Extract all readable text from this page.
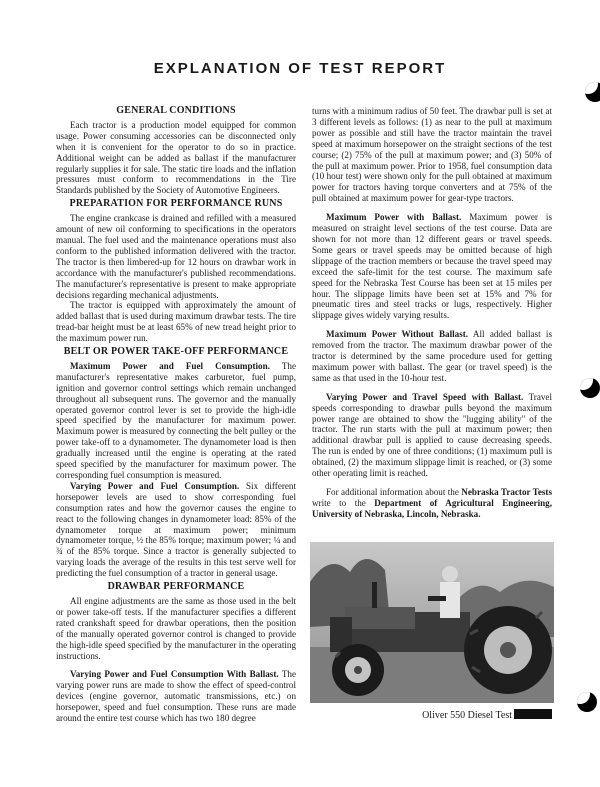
EXPLANATION OF TEST REPORT
GENERAL CONDITIONS

Each tractor is a production model equipped for common usage. Power consuming accessories can be disconnected only when it is convenient for the operator to do so in practice. Additional weight can be added as ballast if the manufacturer regularly supplies it for sale. The static tire loads and the inflation pressures must conform to recommendations in the Tire Standards published by the Society of Automotive Engineers.

PREPARATION FOR PERFORMANCE RUNS

The engine crankcase is drained and refilled with a measured amount of new oil conforming to specifications in the operators manual. The fuel used and the maintenance operations must also conform to the published information delivered with the tractor. The tractor is then limbered-up for 12 hours on drawbar work in accordance with the manufacturer's published recommendations. The manufacturer's representative is present to make appropriate decisions regarding mechanical adjustments.

The tractor is equipped with approximately the amount of added ballast that is used during maximum drawbar tests. The tire tread-bar height must be at least 65% of new tread height prior to the maximum power run.

BELT OR POWER TAKE-OFF PERFORMANCE

Maximum Power and Fuel Consumption. The manufacturer's representative makes carburetor, fuel pump, ignition and governor control settings which remain unchanged throughout all subsequent runs. The governor and the manually operated governor control lever is set to provide the high-idle speed specified by the manufacturer for maximum power. Maximum power is measured by connecting the belt pulley or the power take-off to a dynamometer. The dynamometer load is then gradually increased until the engine is operating at the rated speed specified by the manufacturer for maximum power. The corresponding fuel consumption is measured.

Varying Power and Fuel Consumption. Six different horsepower levels are used to show corresponding fuel consumption rates and how the governor causes the engine to react to the following changes in dynamometer load: 85% of the dynamometer torque at maximum power; minimum dynamometer torque, ½ the 85% torque; maximum power; ¼ and ¾ of the 85% torque. Since a tractor is generally subjected to varying loads the average of the results in this test serve well for predicting the fuel consumption of a tractor in general usage.

DRAWBAR PERFORMANCE

All engine adjustments are the same as those used in the belt or power take-off tests. If the manufacturer specifies a different rated crankshaft speed for drawbar operations, then the position of the manually operated governor control is changed to provide the high-idle speed specified by the manufacturer in the operating instructions.

Varying Power and Fuel Consumption With Ballast. The varying power runs are made to show the effect of speed-control devices (engine governor, automatic transmissions, etc.) on horsepower, speed and fuel consumption. These runs are made around the entire test course which has two 180 degree

turns with a minimum radius of 50 feet. The drawbar pull is set at 3 different levels as follows: (1) as near to the pull at maximum power as possible and still have the tractor maintain the travel speed at maximum horsepower on the straight sections of the test course; (2) 75% of the pull at maximum power; and (3) 50% of the pull at maximum power. Prior to 1958, fuel consumption data (10 hour test) were shown only for the pull obtained at maximum power for tractors having torque converters and at 75% of the pull obtained at maximum power for gear-type tractors.

Maximum Power with Ballast. Maximum power is measured on straight level sections of the test course. Data are shown for not more than 12 different gears or travel speeds. Some gears or travel speeds may be omitted because of high slippage of the traction members or because the travel speed may exceed the safe-limit for the test course. The maximum safe speed for the Nebraska Test Course has been set at 15 miles per hour. The slippage limits have been set at 15% and 7% for pneumatic tires and steel tracks or lugs, respectively. Higher slippage gives widely varying results.

Maximum Power Without Ballast. All added ballast is removed from the tractor. The maximum drawbar power of the tractor is determined by the same procedure used for getting maximum power with ballast. The gear (or travel speed) is the same as that used in the 10-hour test.

Varying Power and Travel Speed with Ballast. Travel speeds corresponding to drawbar pulls beyond the maximum power range are obtained to show the "lugging ability" of the tractor. The run starts with the pull at maximum power; then additional drawbar pull is applied to cause decreasing speeds. The run is ended by one of three conditions; (1) maximum pull is obtained, (2) the maximum slippage limit is reached, or (3) some other operating limit is reached.

For additional information about the Nebraska Tractor Tests write to the Department of Agricultural Engineering, University of Nebraska, Lincoln, Nebraska.

Oliver 550 Diesel Test
